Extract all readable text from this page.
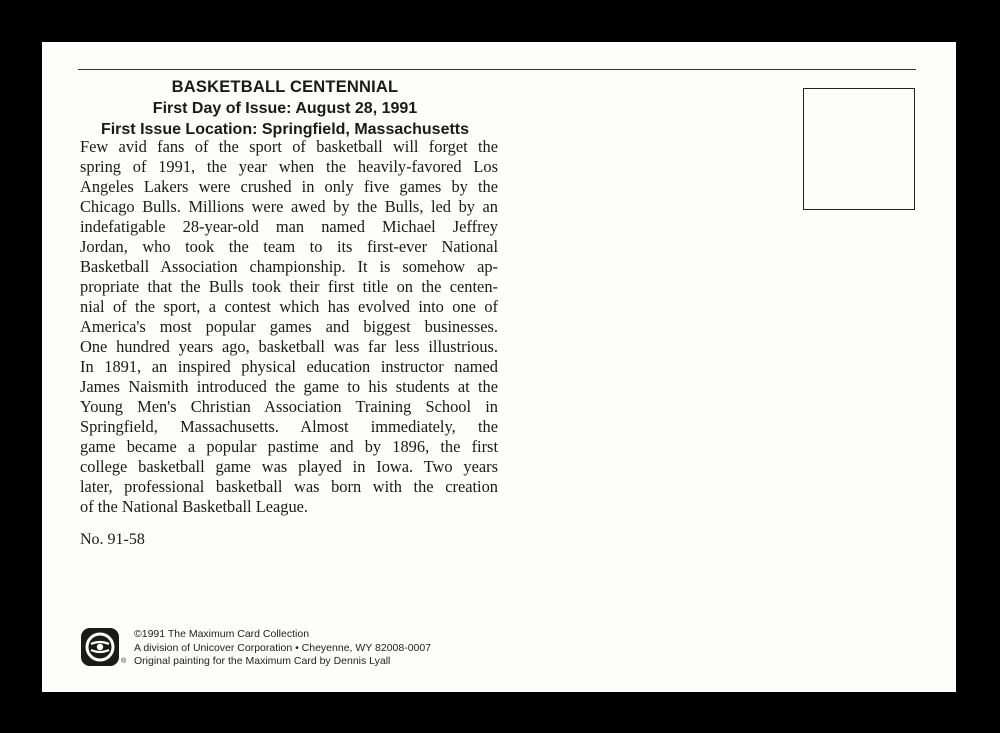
BASKETBALL CENTENNIAL
First Day of Issue: August 28, 1991
First Issue Location: Springfield, Massachusetts
Few avid fans of the sport of basketball will forget the
spring of 1991, the year when the heavily-favored Los
Angeles Lakers were crushed in only five games by the
Chicago Bulls. Millions were awed by the Bulls, led by an
indefatigable 28-year-old man named Michael Jeffrey
Jordan, who took the team to its first-ever National
Basketball Association championship. It is somehow ap-
propriate that the Bulls took their first title on the centen-
nial of the sport, a contest which has evolved into one of
America's most popular games and biggest businesses.
One hundred years ago, basketball was far less illustrious.
In 1891, an inspired physical education instructor named
James Naismith introduced the game to his students at the
Young Men's Christian Association Training School in
Springfield, Massachusetts. Almost immediately, the
game became a popular pastime and by 1896, the first
college basketball game was played in Iowa. Two years
later, professional basketball was born with the creation
of the National Basketball League.
No. 91-58
®
©1991 The Maximum Card Collection
A division of Unicover Corporation • Cheyenne, WY 82008-0007
Original painting for the Maximum Card by Dennis Lyall
